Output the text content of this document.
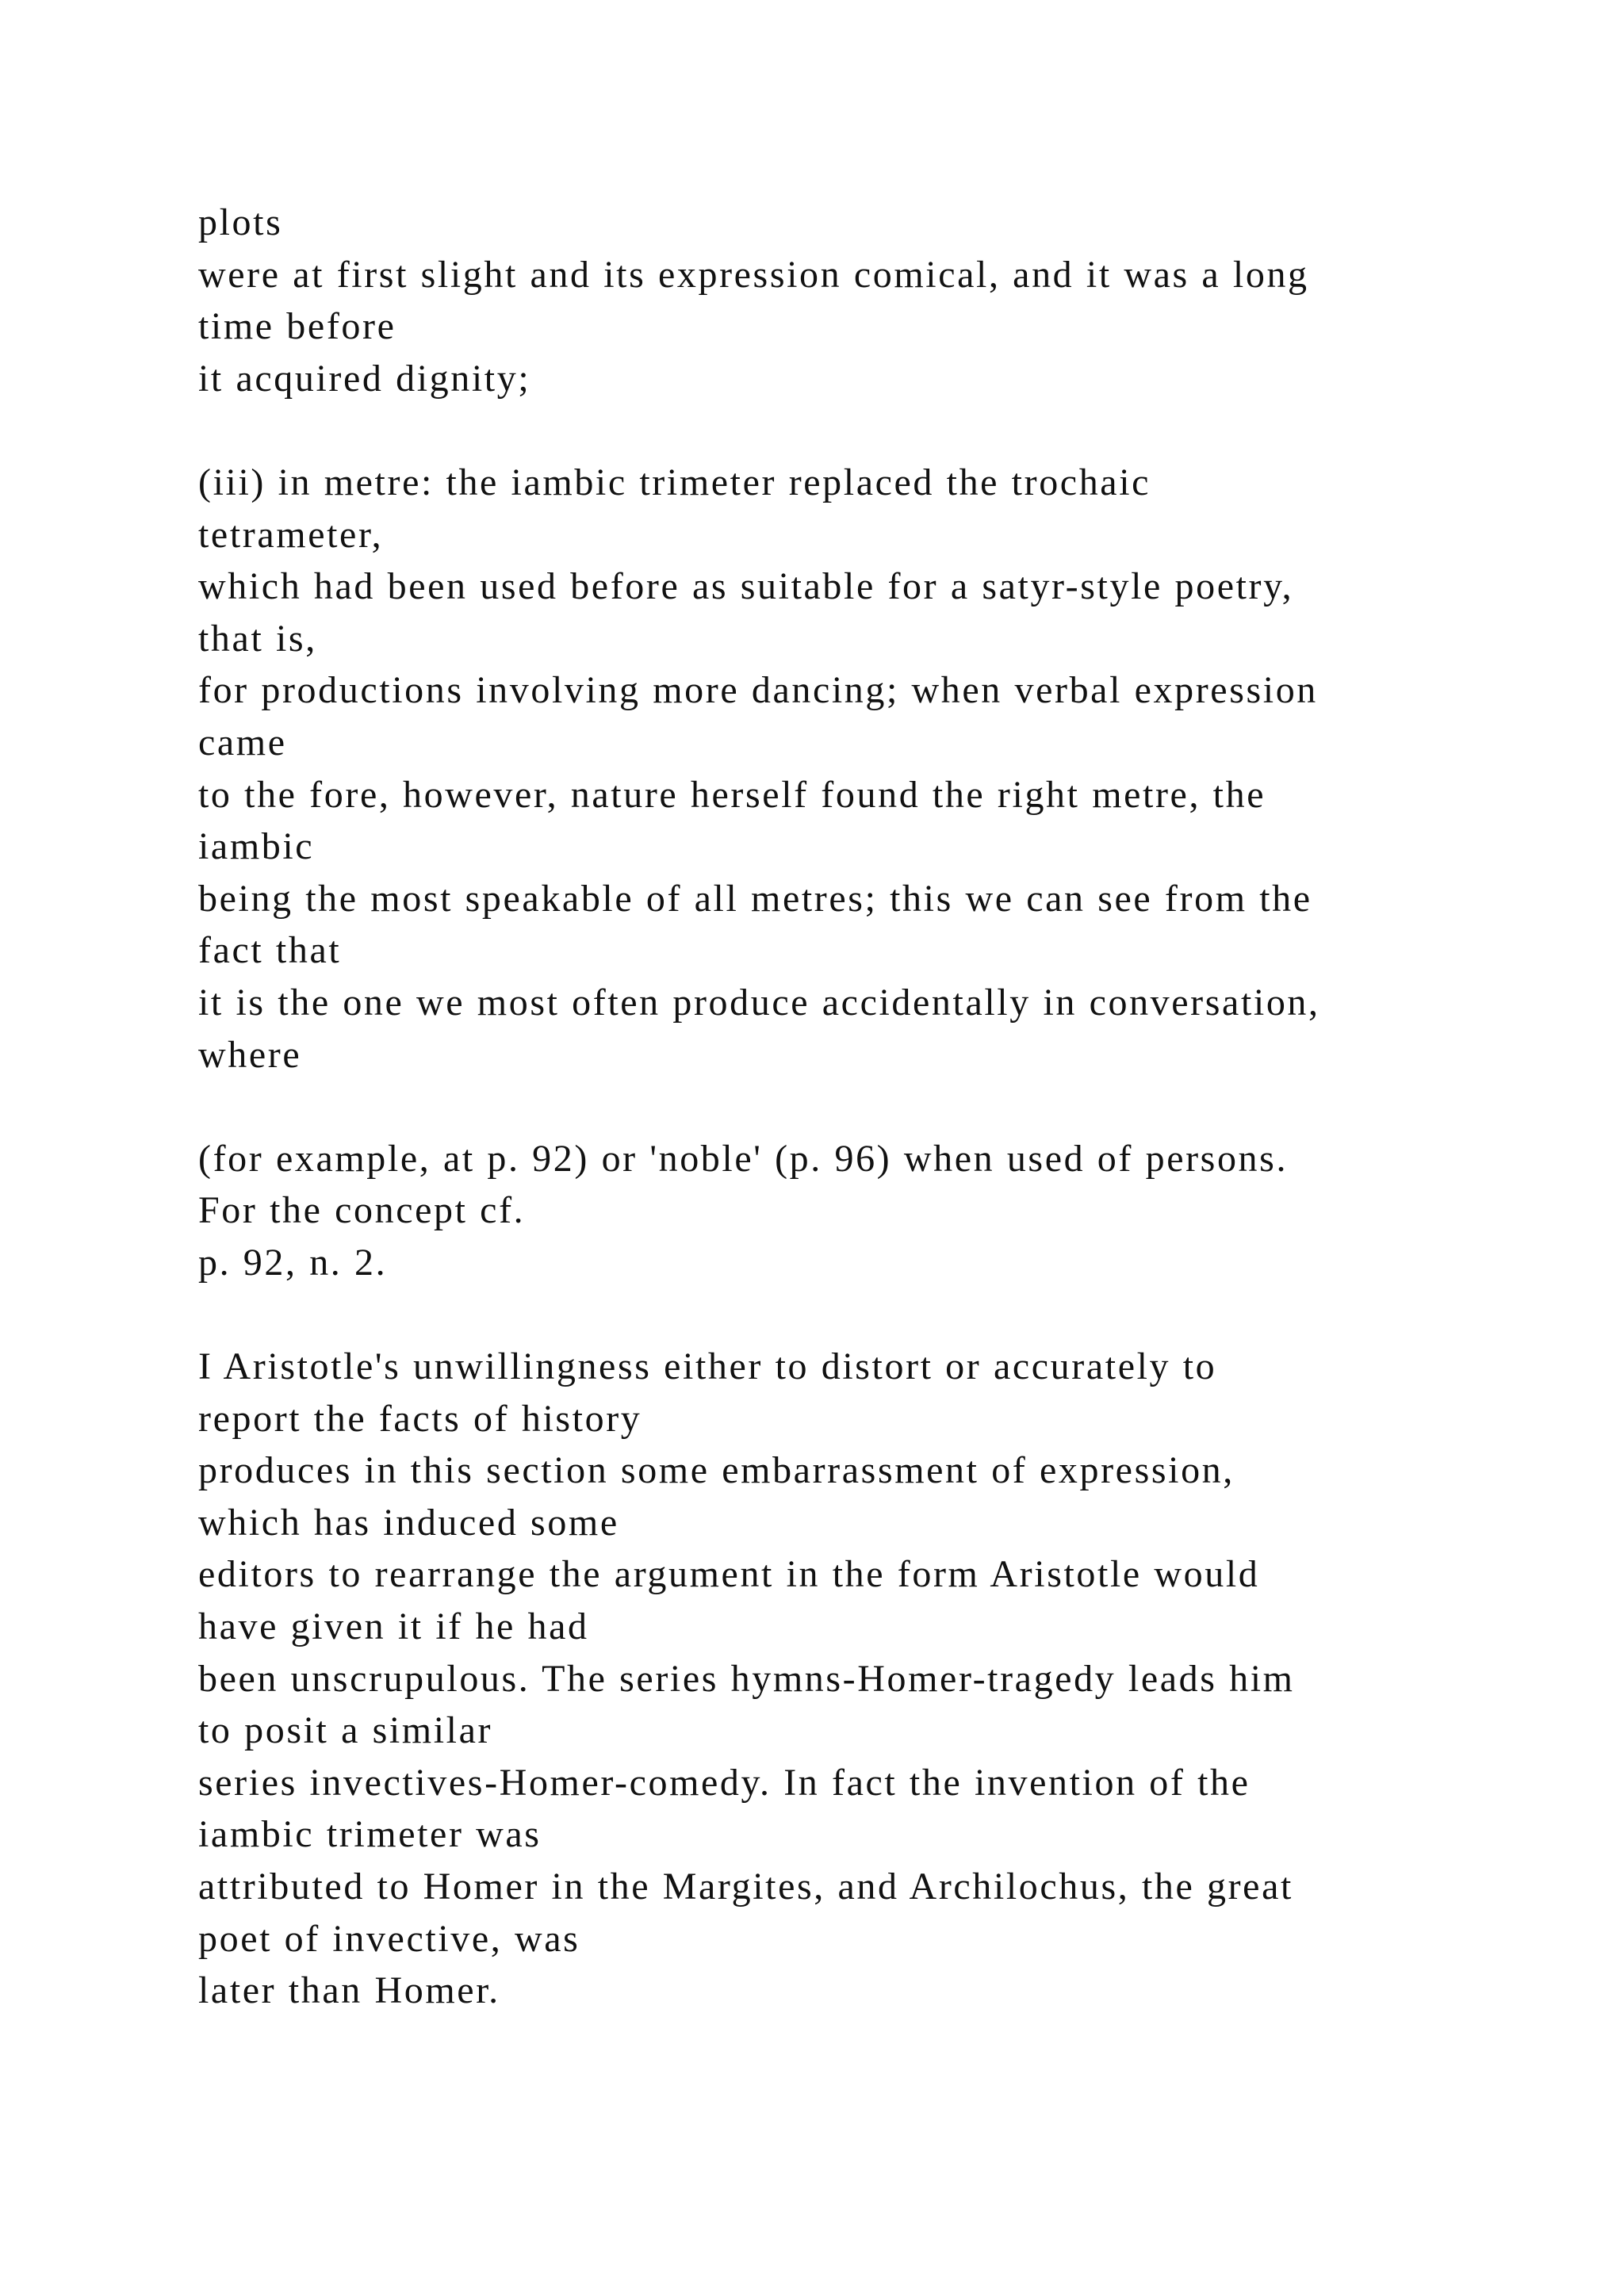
plots
were at first slight and its expression comical, and it was a long
time before
it acquired dignity;

(iii) in metre: the iambic trimeter replaced the trochaic
tetrameter,
which had been used before as suitable for a satyr-style poetry,
that is,
for productions involving more dancing; when verbal expression
came
to the fore, however, nature herself found the right metre, the
iambic
being the most speakable of all metres; this we can see from the
fact that
it is the one we most often produce accidentally in conversation,
where

(for example, at p. 92) or 'noble' (p. 96) when used of persons.
For the concept cf.
p. 92, n. 2.

I Aristotle's unwillingness either to distort or accurately to
report the facts of history
produces in this section some embarrassment of expression,
which has induced some
editors to rearrange the argument in the form Aristotle would
have given it if he had
been unscrupulous. The series hymns-Homer-tragedy leads him
to posit a similar
series invectives-Homer-comedy. In fact the invention of the
iambic trimeter was
attributed to Homer in the Margites, and Archilochus, the great
poet of invective, was
later than Homer.
